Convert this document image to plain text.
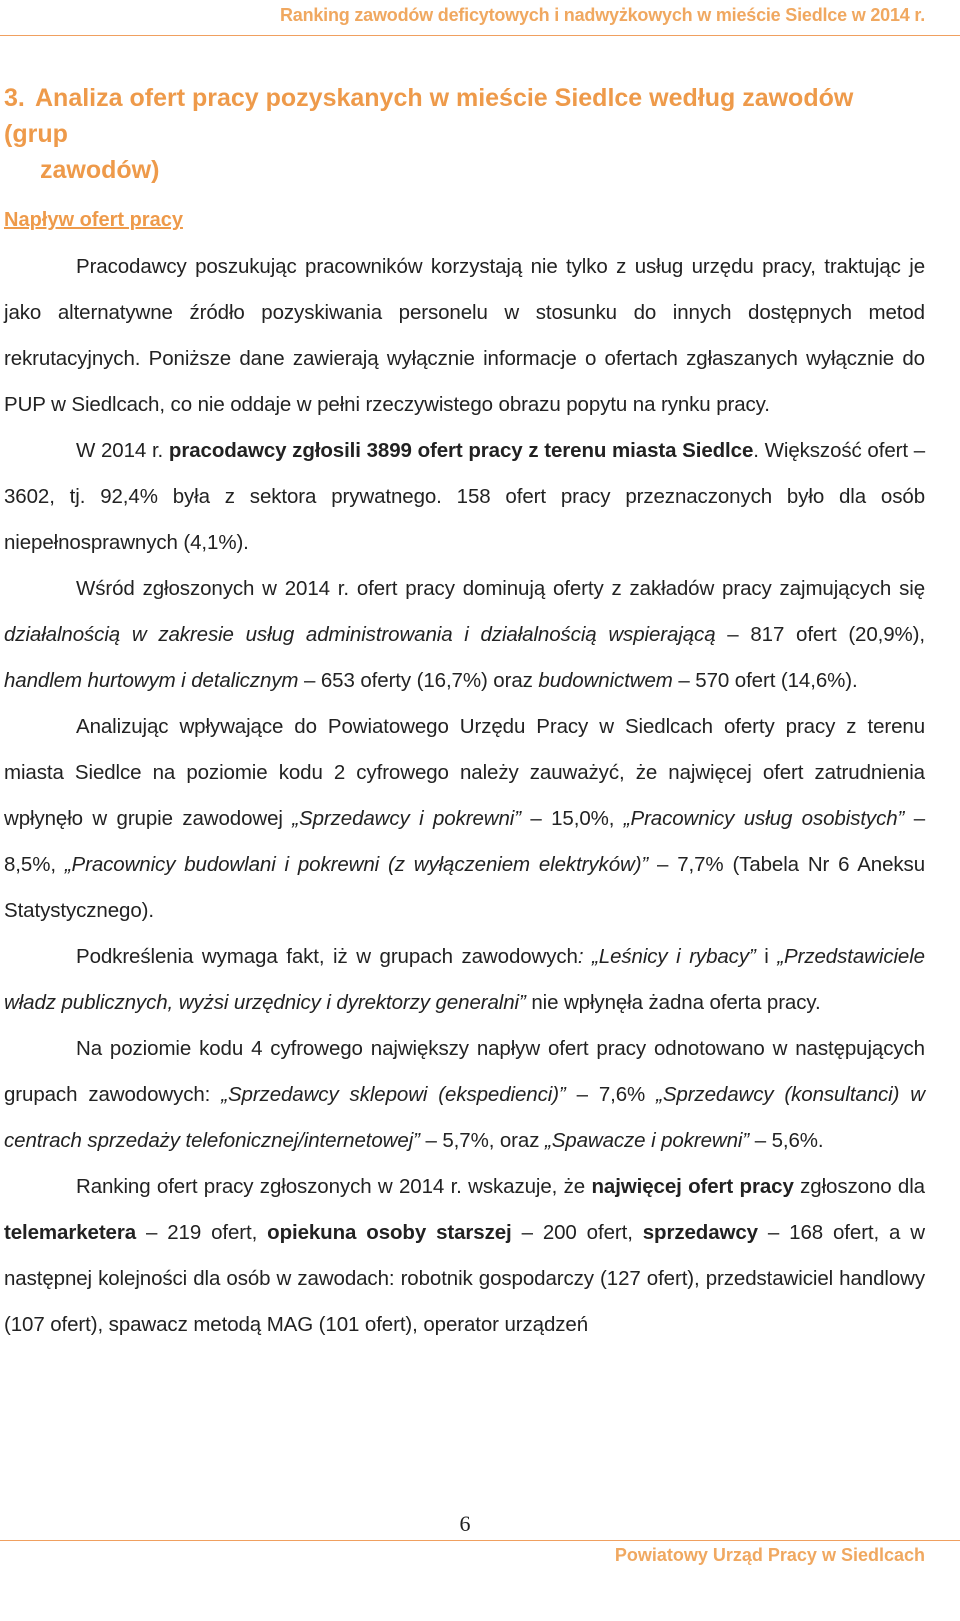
Ranking zawodów deficytowych i nadwyżkowych w mieście Siedlce w 2014 r.
3. Analiza ofert pracy pozyskanych w mieście Siedlce według zawodów (grup
zawodów)
Napływ ofert pracy

Pracodawcy poszukując pracowników korzystają nie tylko z usług urzędu pracy, traktując je jako alternatywne źródło pozyskiwania personelu w stosunku do innych dostępnych metod rekrutacyjnych. Poniższe dane zawierają wyłącznie informacje o ofertach zgłaszanych wyłącznie do PUP w Siedlcach, co nie oddaje w pełni rzeczywistego obrazu popytu na rynku pracy.

W 2014 r. pracodawcy zgłosili 3899 ofert pracy z terenu miasta Siedlce. Większość ofert – 3602, tj. 92,4% była z sektora prywatnego. 158 ofert pracy przeznaczonych było dla osób niepełnosprawnych (4,1%).

Wśród zgłoszonych w 2014 r. ofert pracy dominują oferty z zakładów pracy zajmujących się działalnością w zakresie usług administrowania i działalnością wspierającą – 817 ofert (20,9%), handlem hurtowym i detalicznym – 653 oferty (16,7%) oraz budownictwem – 570 ofert (14,6%).

Analizując wpływające do Powiatowego Urzędu Pracy w Siedlcach oferty pracy z terenu miasta Siedlce na poziomie kodu 2 cyfrowego należy zauważyć, że najwięcej ofert zatrudnienia wpłynęło w grupie zawodowej „Sprzedawcy i pokrewni” – 15,0%, „Pracownicy usług osobistych” – 8,5%, „Pracownicy budowlani i pokrewni (z wyłączeniem elektryków)” – 7,7% (Tabela Nr 6 Aneksu Statystycznego).

Podkreślenia wymaga fakt, iż w grupach zawodowych: „Leśnicy i rybacy” i „Przedstawiciele władz publicznych, wyżsi urzędnicy i dyrektorzy generalni” nie wpłynęła żadna oferta pracy.

Na poziomie kodu 4 cyfrowego największy napływ ofert pracy odnotowano w następujących grupach zawodowych: „Sprzedawcy sklepowi (ekspedienci)” – 7,6% „Sprzedawcy (konsultanci) w centrach sprzedaży telefonicznej/internetowej” – 5,7%, oraz „Spawacze i pokrewni” – 5,6%.

Ranking ofert pracy zgłoszonych w 2014 r. wskazuje, że najwięcej ofert pracy zgłoszono dla telemarketera – 219 ofert, opiekuna osoby starszej – 200 ofert, sprzedawcy – 168 ofert, a w następnej kolejności dla osób w zawodach: robotnik gospodarczy (127 ofert), przedstawiciel handlowy (107 ofert), spawacz metodą MAG (101 ofert), operator urządzeń

6
Powiatowy Urząd Pracy w Siedlcach
